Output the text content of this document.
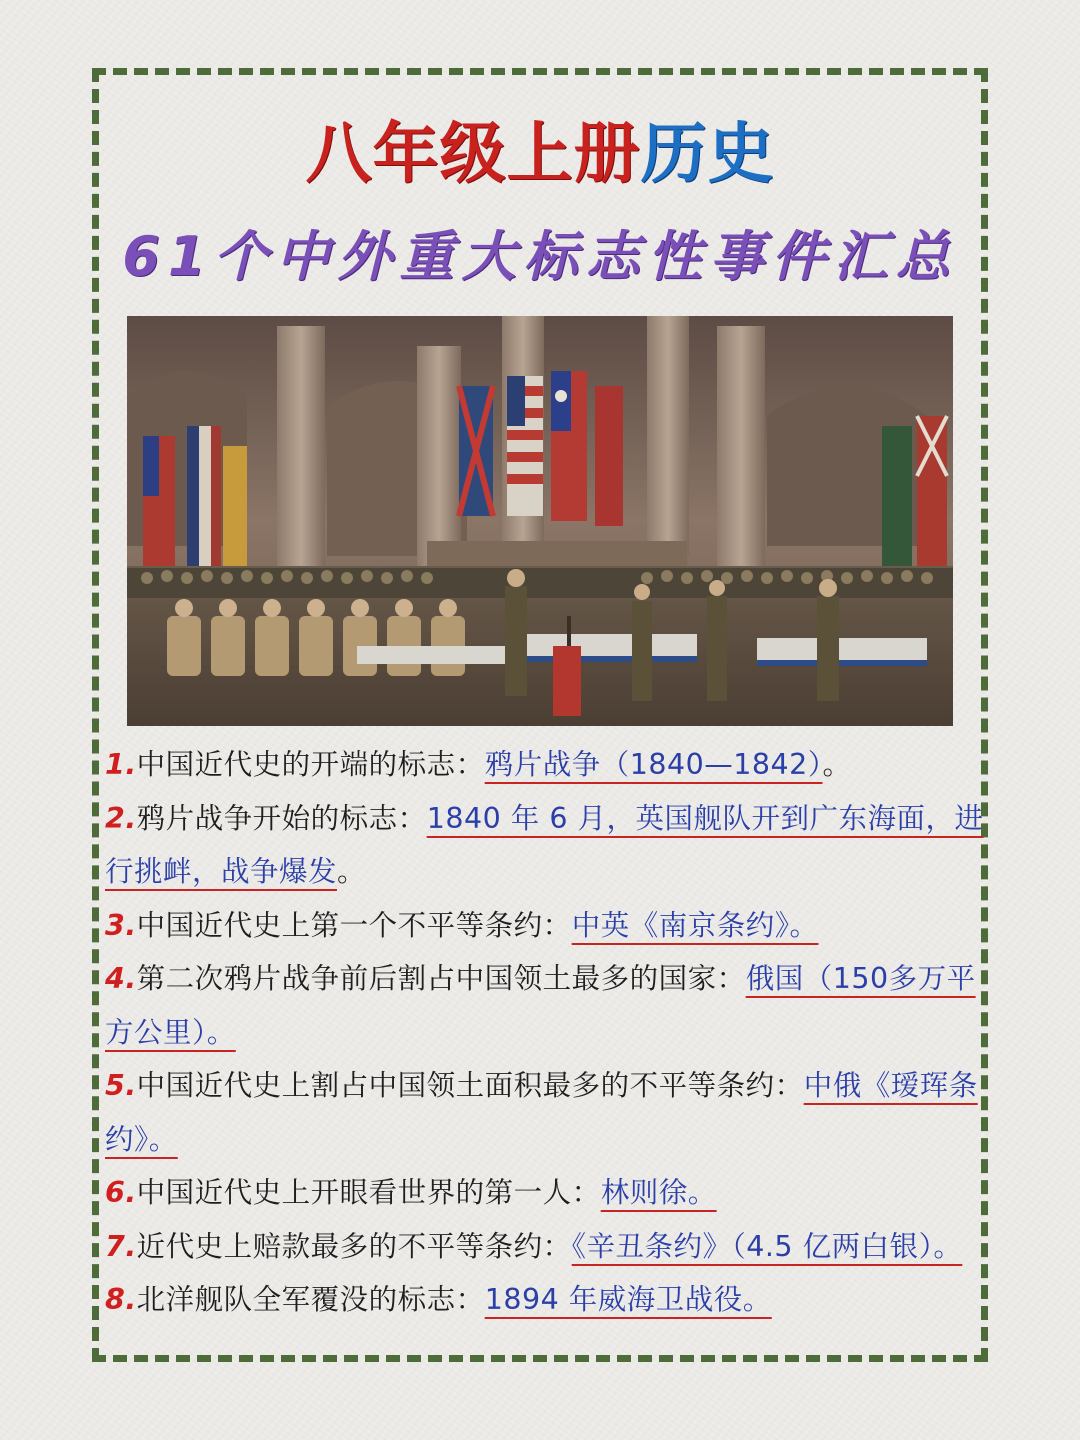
八年级上册历史
61个中外重大标志性事件汇总
1.中国近代史的开端的标志：鸦片战争（1840—1842）。
2.鸦片战争开始的标志：1840 年 6 月，英国舰队开到广东海面，进行挑衅，战争爆发。
3.中国近代史上第一个不平等条约：中英《南京条约》。
4.第二次鸦片战争前后割占中国领土最多的国家：俄国（150多万平方公里）。
5.中国近代史上割占中国领土面积最多的不平等条约：中俄《瑷珲条约》。
6.中国近代史上开眼看世界的第一人：林则徐。
7.近代史上赔款最多的不平等条约：《辛丑条约》（4.5 亿两白银）。
8.北洋舰队全军覆没的标志：1894 年威海卫战役。
